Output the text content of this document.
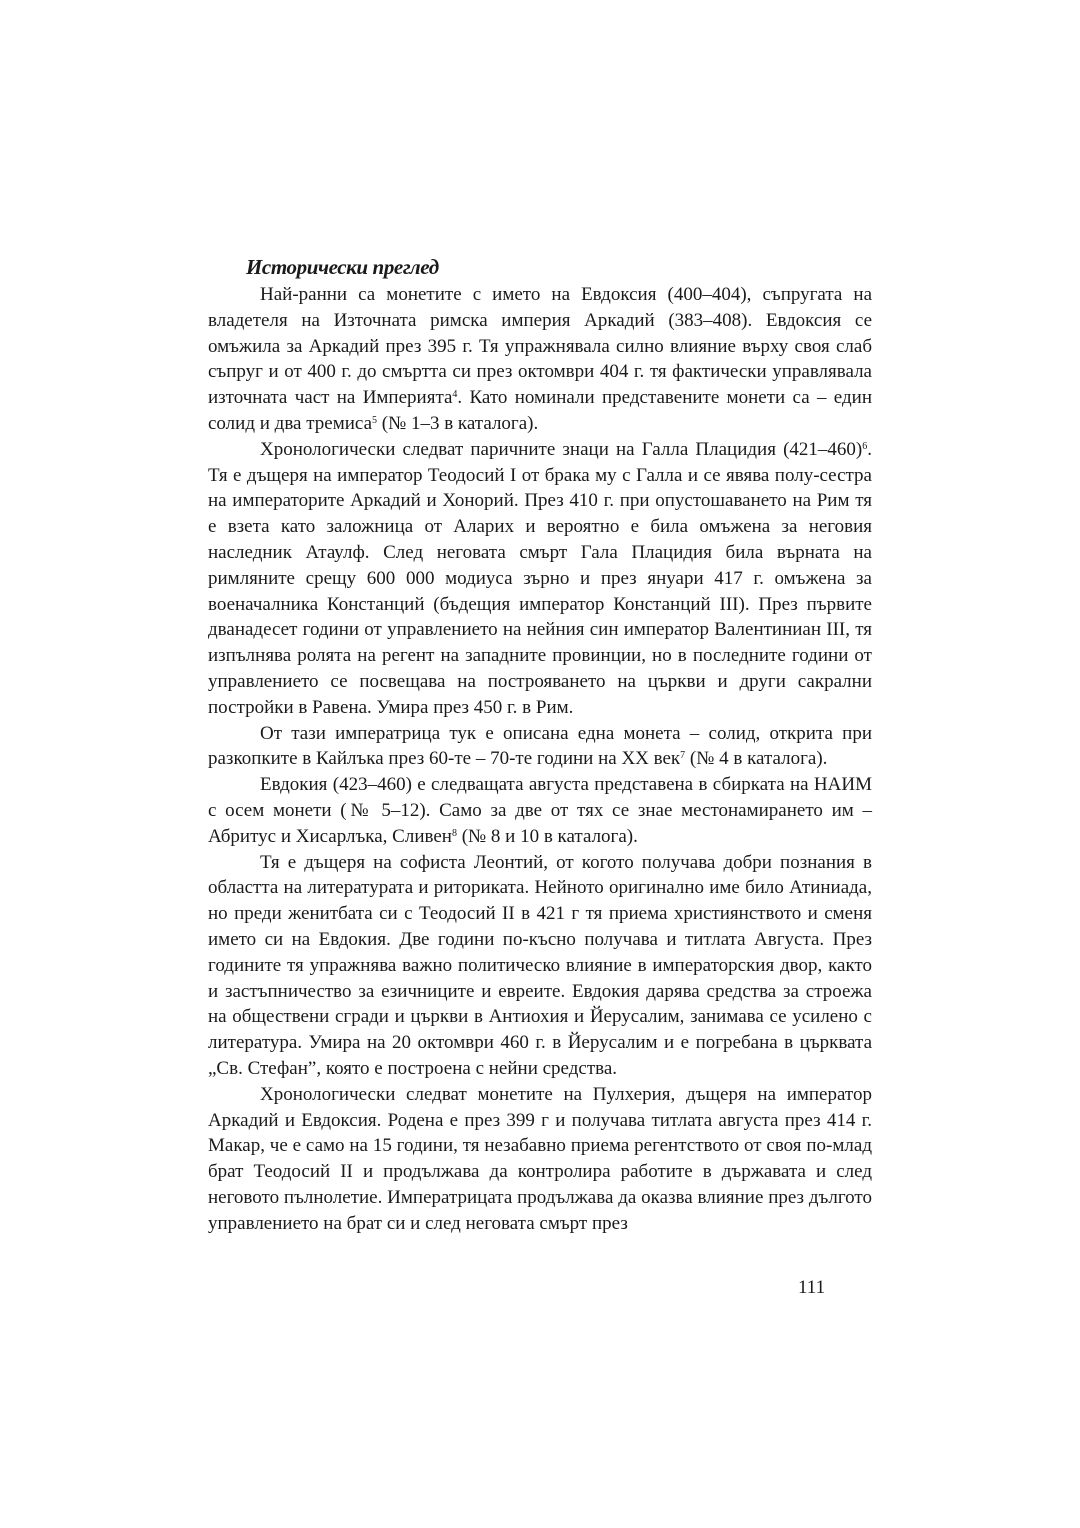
Исторически преглед

Най-ранни са монетите с името на Евдоксия (400–404), съпругата на владетеля на Източната римска империя Аркадий (383–408). Евдоксия се омъжила за Аркадий през 395 г. Тя упражнявала силно влияние върху своя слаб съпруг и от 400 г. до смъртта си през октомври 404 г. тя фактически управлявала източната част на Империята$^4$. Като номинали представените монети са – един солид и два тремиса$^5$ (№ 1–3 в каталога).

Хронологически следват паричните знаци на Галла Плацидия $(421-460)^6$. Тя е дъщеря на император Теодосий I от брака му с Галла и се явява полу-сестра на императорите Аркадий и Хонорий. През 410 г. при опустошаването на Рим тя е взета като заложница от Аларих и вероятно е била омъжена за неговия наследник Атаулф. След неговата смърт Гала Плацидия била върната на римляните срещу 600 000 модиуса зърно и през януари 417 г. омъжена за военачалника Констанций (бъдещия император Констанций III). През първите дванадесет години от управлението на нейния син император Валентиниан III, тя изпълнява ролята на регент на западните провинции, но в последните години от управлението се посвещава на построяването на църкви и други сакрални постройки в Равена. Умира през 450 г. в Рим.

От тази императрица тук е описана една монета – солид, открита при разкопките в Кайлъка през 60-те – 70-те години на XX век$^7$ (№ 4 в каталога).

Евдокия (423–460) е следващата августа представена в сбирката на НАИМ с осем монети (№ 5–12). Само за две от тях се знае местонамирането им – Абритус и Хисарлъка, Сливен$^8$ (№ 8 и 10 в каталога).

Тя е дъщеря на софиста Леонтий, от когото получава добри познания в областта на литературата и риториката. Нейното оригинално име било Атиниада, но преди женитбата си с Теодосий II в 421 г тя приема християнството и сменя името си на Евдокия. Две години по-късно получава и титлата Августа. През годините тя упражнява важно политическо влияние в императорския двор, както и застъпничество за езичниците и евреите. Евдокия дарява средства за строежа на обществени сгради и църкви в Антиохия и Йерусалим, занимава се усилено с литература. Умира на 20 октомври 460 г. в Йерусалим и е погребана в църквата „Св. Стефан”, която е построена с нейни средства.

Хронологически следват монетите на Пулхерия, дъщеря на император Аркадий и Евдоксия. Родена е през 399 г и получава титлата августа през 414 г. Макар, че е само на 15 години, тя незабавно приема регентството от своя по-млад брат Теодосий II и продължава да контролира работите в държавата и след неговото пълнолетие. Императрицата продължава да оказва влияние през дългото управлението на брат си и след неговата смърт през

111
